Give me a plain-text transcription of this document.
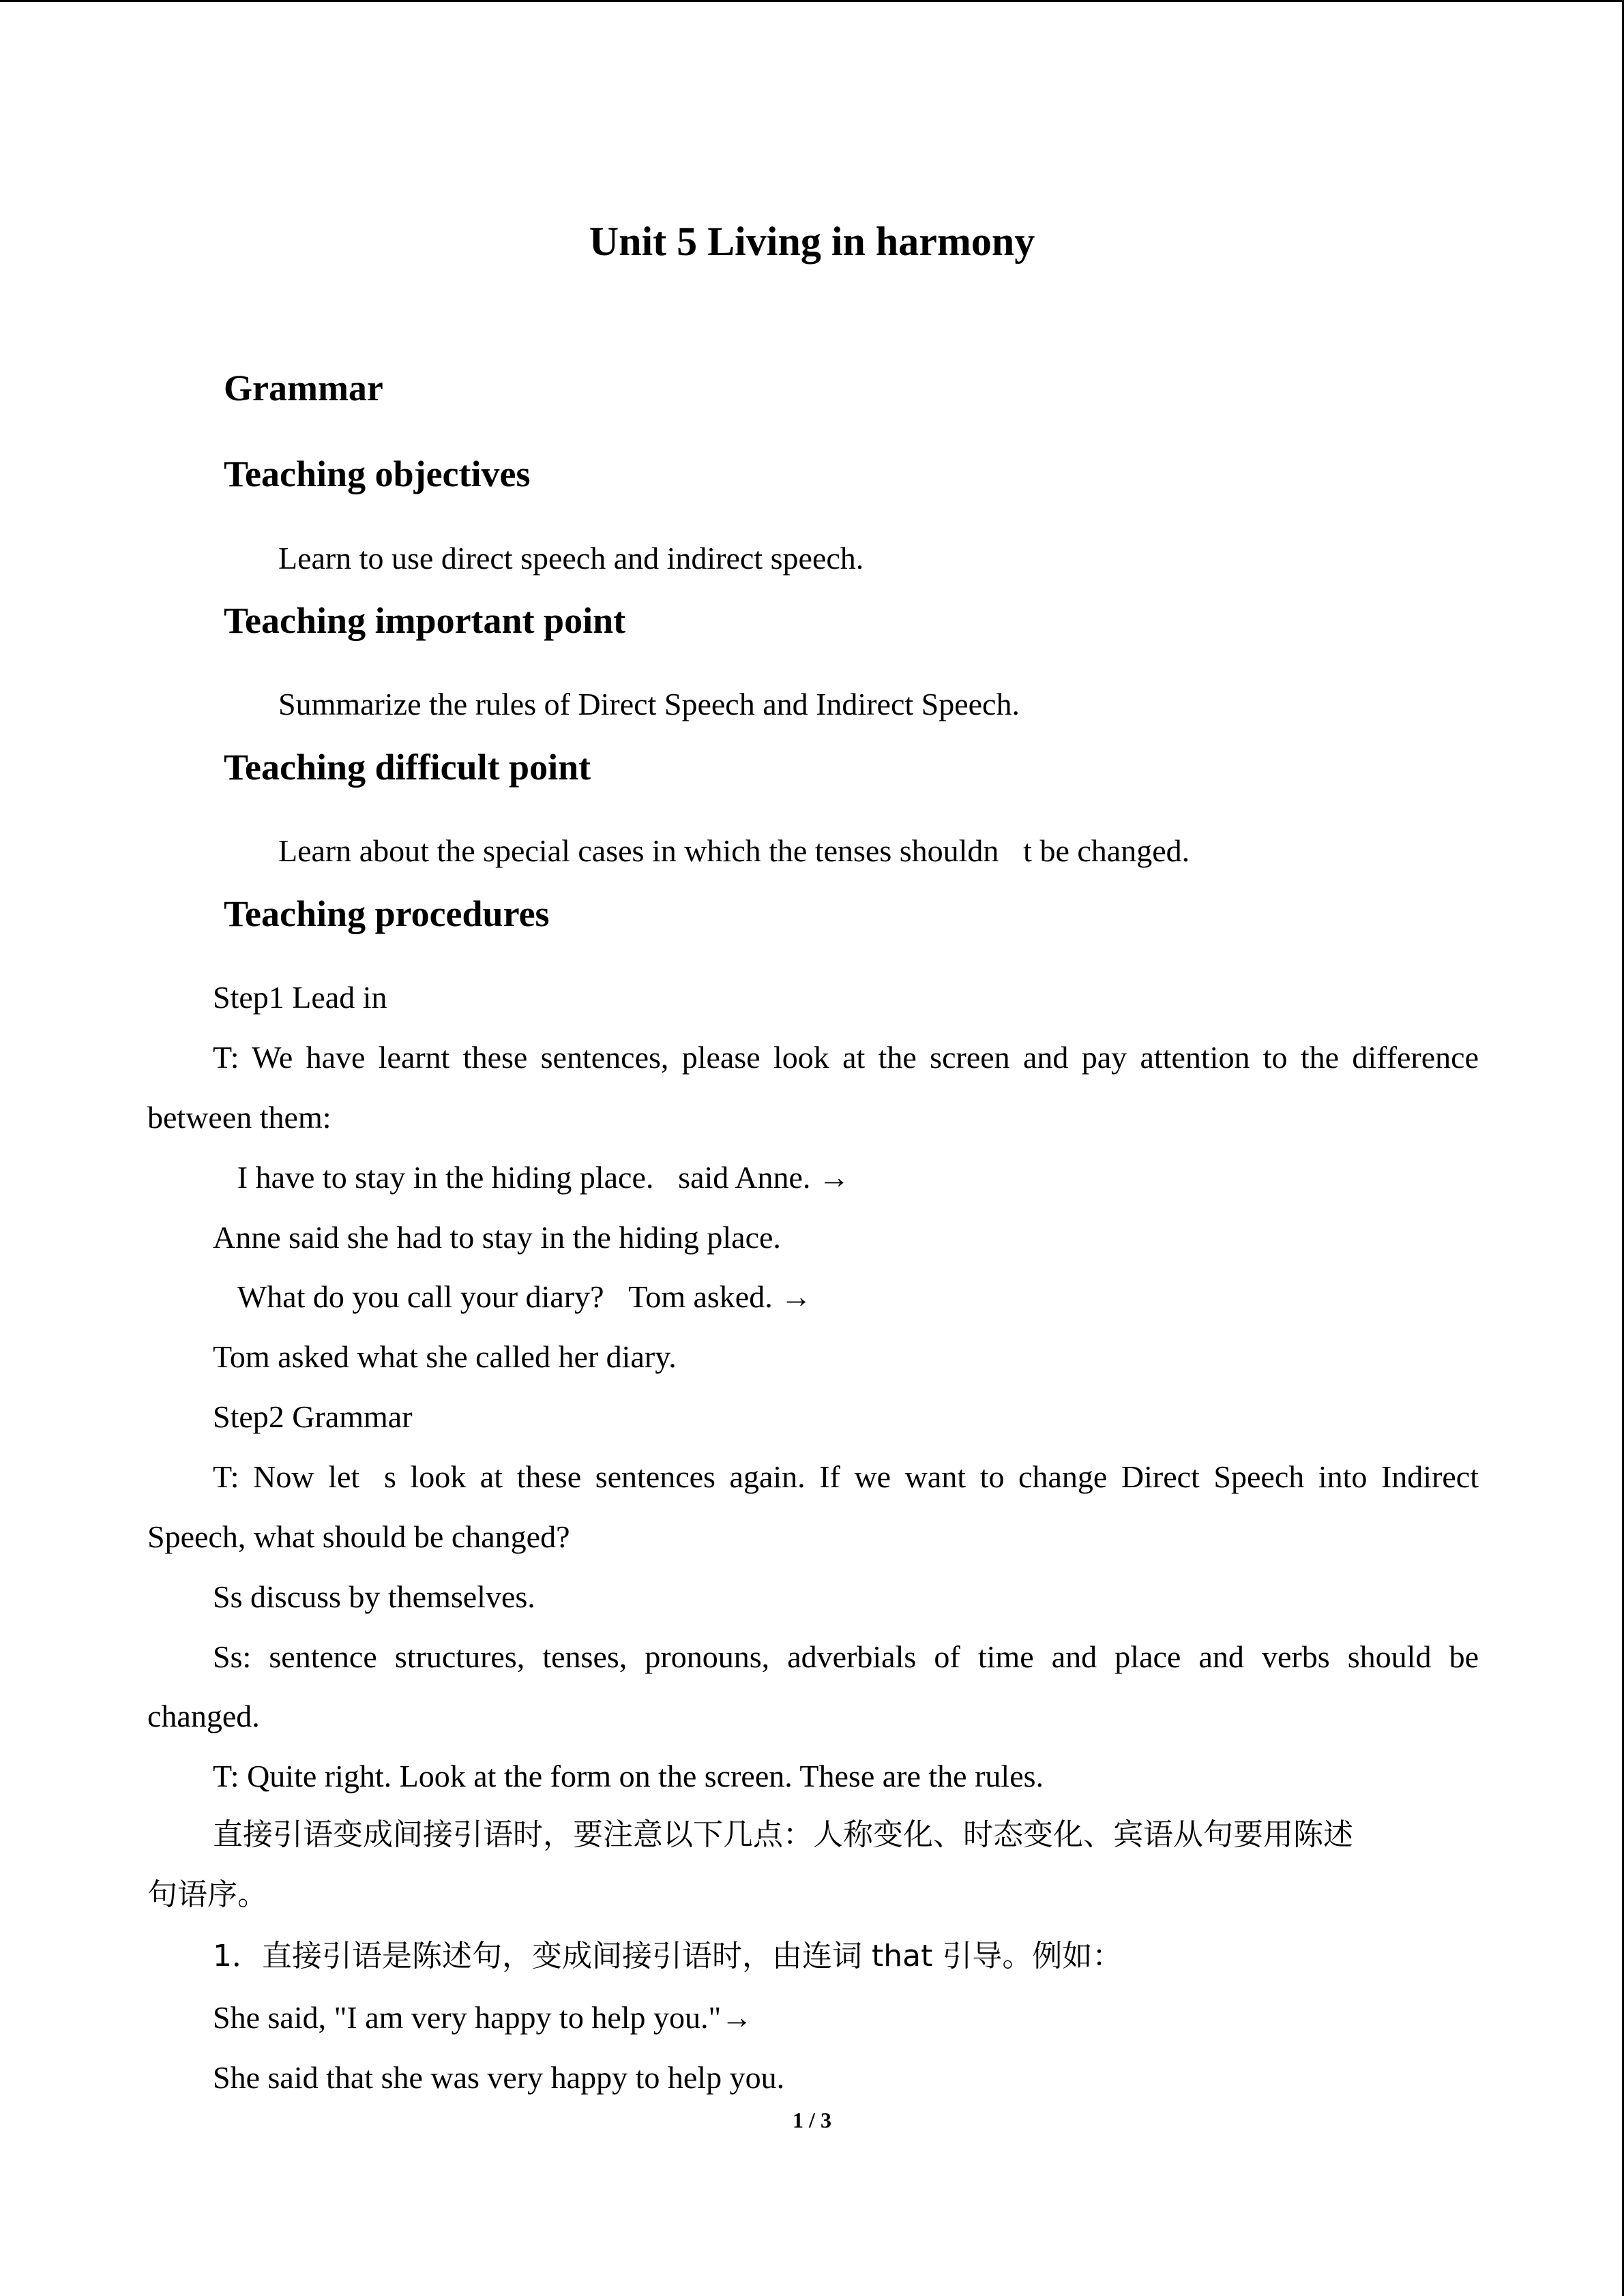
Unit 5 Living in harmony
Grammar
Teaching objectives
Learn to use direct speech and indirect speech.
Teaching important point
Summarize the rules of Direct Speech and Indirect Speech.
Teaching difficult point
Learn about the special cases in which the tenses shouldn t be changed.
Teaching procedures
Step1 Lead in
T: We have learnt these sentences, please look at the screen and pay attention to the difference
between them:
 I have to stay in the hiding place. said Anne. →
Anne said she had to stay in the hiding place.
 What do you call your diary? Tom asked. →
Tom asked what she called her diary.
Step2 Grammar
T: Now let s look at these sentences again. If we want to change Direct Speech into Indirect
Speech, what should be changed?
Ss discuss by themselves.
Ss: sentence structures, tenses, pronouns, adverbials of time and place and verbs should be
changed.
T: Quite right. Look at the form on the screen. These are the rules.
直接引语变成间接引语时，要注意以下几点：人称变化、时态变化、宾语从句要用陈述
句语序。
1．直接引语是陈述句，变成间接引语时，由连词 that 引导。例如：
She said, "I am very happy to help you."→
She said that she was very happy to help you.
1 / 3
